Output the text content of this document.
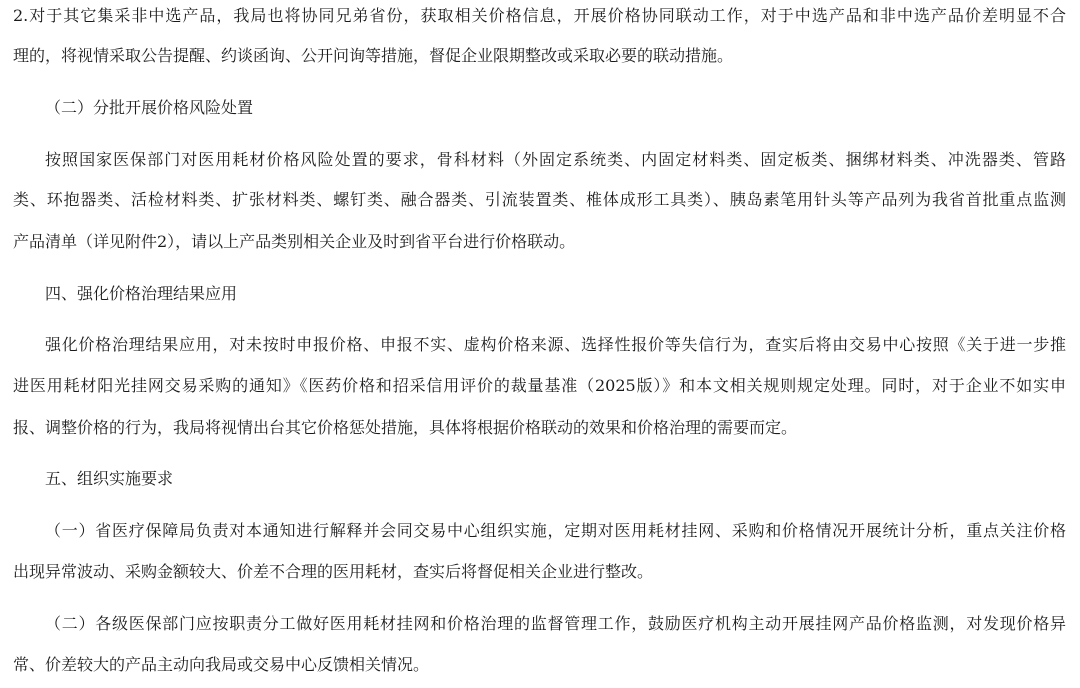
2.对于其它集采非中选产品，我局也将协同兄弟省份，获取相关价格信息，开展价格协同联动工作，对于中选产品和非中选产品价差明显不合
理的，将视情采取公告提醒、约谈函询、公开问询等措施，督促企业限期整改或采取必要的联动措施。
（二）分批开展价格风险处置
按照国家医保部门对医用耗材价格风险处置的要求，骨科材料（外固定系统类、内固定材料类、固定板类、捆绑材料类、冲洗器类、管路
类、环抱器类、活检材料类、扩张材料类、螺钉类、融合器类、引流装置类、椎体成形工具类）、胰岛素笔用针头等产品列为我省首批重点监测
产品清单（详见附件2），请以上产品类别相关企业及时到省平台进行价格联动。
四、强化价格治理结果应用
强化价格治理结果应用，对未按时申报价格、申报不实、虚构价格来源、选择性报价等失信行为，查实后将由交易中心按照《关于进一步推
进医用耗材阳光挂网交易采购的通知》《医药价格和招采信用评价的裁量基准（2025版）》和本文相关规则规定处理。同时，对于企业不如实申
报、调整价格的行为，我局将视情出台其它价格惩处措施，具体将根据价格联动的效果和价格治理的需要而定。
五、组织实施要求
（一）省医疗保障局负责对本通知进行解释并会同交易中心组织实施，定期对医用耗材挂网、采购和价格情况开展统计分析，重点关注价格
出现异常波动、采购金额较大、价差不合理的医用耗材，查实后将督促相关企业进行整改。
（二）各级医保部门应按职责分工做好医用耗材挂网和价格治理的监督管理工作，鼓励医疗机构主动开展挂网产品价格监测，对发现价格异
常、价差较大的产品主动向我局或交易中心反馈相关情况。
